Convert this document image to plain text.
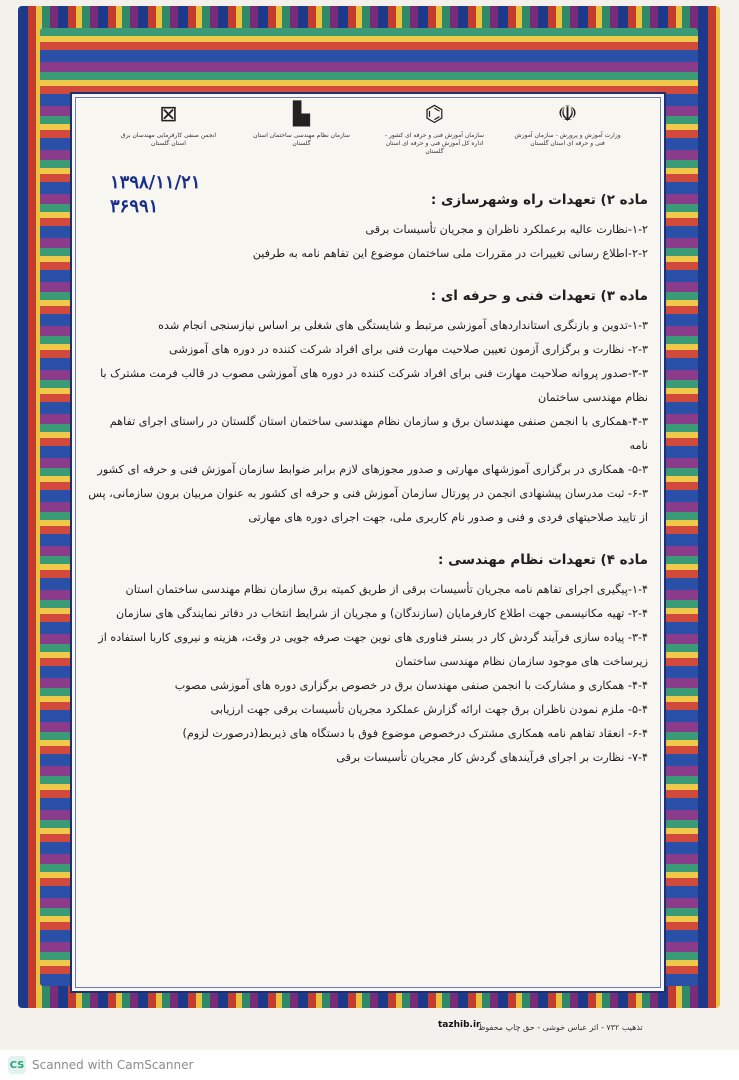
☫
وزارت آموزش و پرورش - سازمان آموزش فنی و حرفه ای استان گلستان
⌬
سازمان آموزش فنی و حرفه ای کشور - اداره کل آموزش فنی و حرفه ای استان گلستان
▙
سازمان نظام مهندسی ساختمان استان گلستان
⊠
انجمن صنفی کارفرمایی مهندسان برق استان گلستان
۱۳۹۸/۱۱/۲۱
۳۶۹۹۱	ماده ۲) تعهدات راه وشهرسازی :

۱-۲-نظارت عالیه برعملکرد ناظران و مجریان تأسیسات برقی

۲-۲-اطلاع رسانی تغییرات در مقررات ملی ساختمان موضوع این تفاهم نامه به طرفین

ماده ۳) تعهدات فنی و حرفه ای :

۱-۳-تدوین و بازنگری استانداردهای آموزشی مرتبط و شایستگی های شغلی بر اساس نیازسنجی انجام شده

۲-۳- نظارت و برگزاری آزمون تعیین صلاحیت مهارت فنی برای افراد شرکت کننده در دوره های آموزشی

۳-۳-صدور پروانه صلاحیت مهارت فنی برای افراد شرکت کننده در دوره های آموزشی مصوب در قالب فرمت مشترک با نظام مهندسی ساختمان

۴-۳-همکاری با انجمن صنفی مهندسان برق و سازمان نظام مهندسی ساختمان استان گلستان در راستای اجرای تفاهم نامه

۵-۳- همکاری در برگزاری آموزشهای مهارتی و صدور مجوزهای لازم برابر ضوابط سازمان آموزش فنی و حرفه ای کشور

۶-۳- ثبت مدرسان پیشنهادی انجمن در پورتال سازمان آموزش فنی و حرفه ای کشور به عنوان مربیان برون سازمانی، پس از تایید صلاحیتهای فردی و فنی و صدور نام کاربری ملی، جهت اجرای دوره های مهارتی

ماده ۴) تعهدات نظام مهندسی :

۱-۴-پیگیری اجرای تفاهم نامه مجریان تأسیسات برقی از طریق کمیته برق سازمان نظام مهندسی ساختمان استان

۲-۴- تهیه مکانیسمی جهت اطلاع کارفرمایان (سازندگان) و مجریان از شرایط انتخاب در دفاتر نمایندگی های سازمان

۳-۴- پیاده سازی فرآیند گردش کار در بستر فناوری های نوین جهت صرفه جویی در وقت، هزینه و نیروی کاربا استفاده از زیرساخت های موجود سازمان نظام مهندسی ساختمان

۴-۴- همکاری و مشارکت با انجمن صنفی مهندسان برق در خصوص برگزاری دوره های آموزشی مصوب

۵-۴- ملزم نمودن ناظران برق جهت ارائه گزارش عملکرد مجریان تأسیسات برقی جهت ارزیابی

۶-۴- انعقاد تفاهم نامه همکاری مشترک درخصوص موضوع فوق با دستگاه های ذیربط(درصورت لزوم)

۷-۴- نظارت بر اجرای فرآیندهای گردش کار مجریان تأسیسات برقی

tazhib.ir
تذهیب ۷۳۲ - اثر عباس خوشی - حق چاپ محفوظ
CS Scanned with CamScanner
